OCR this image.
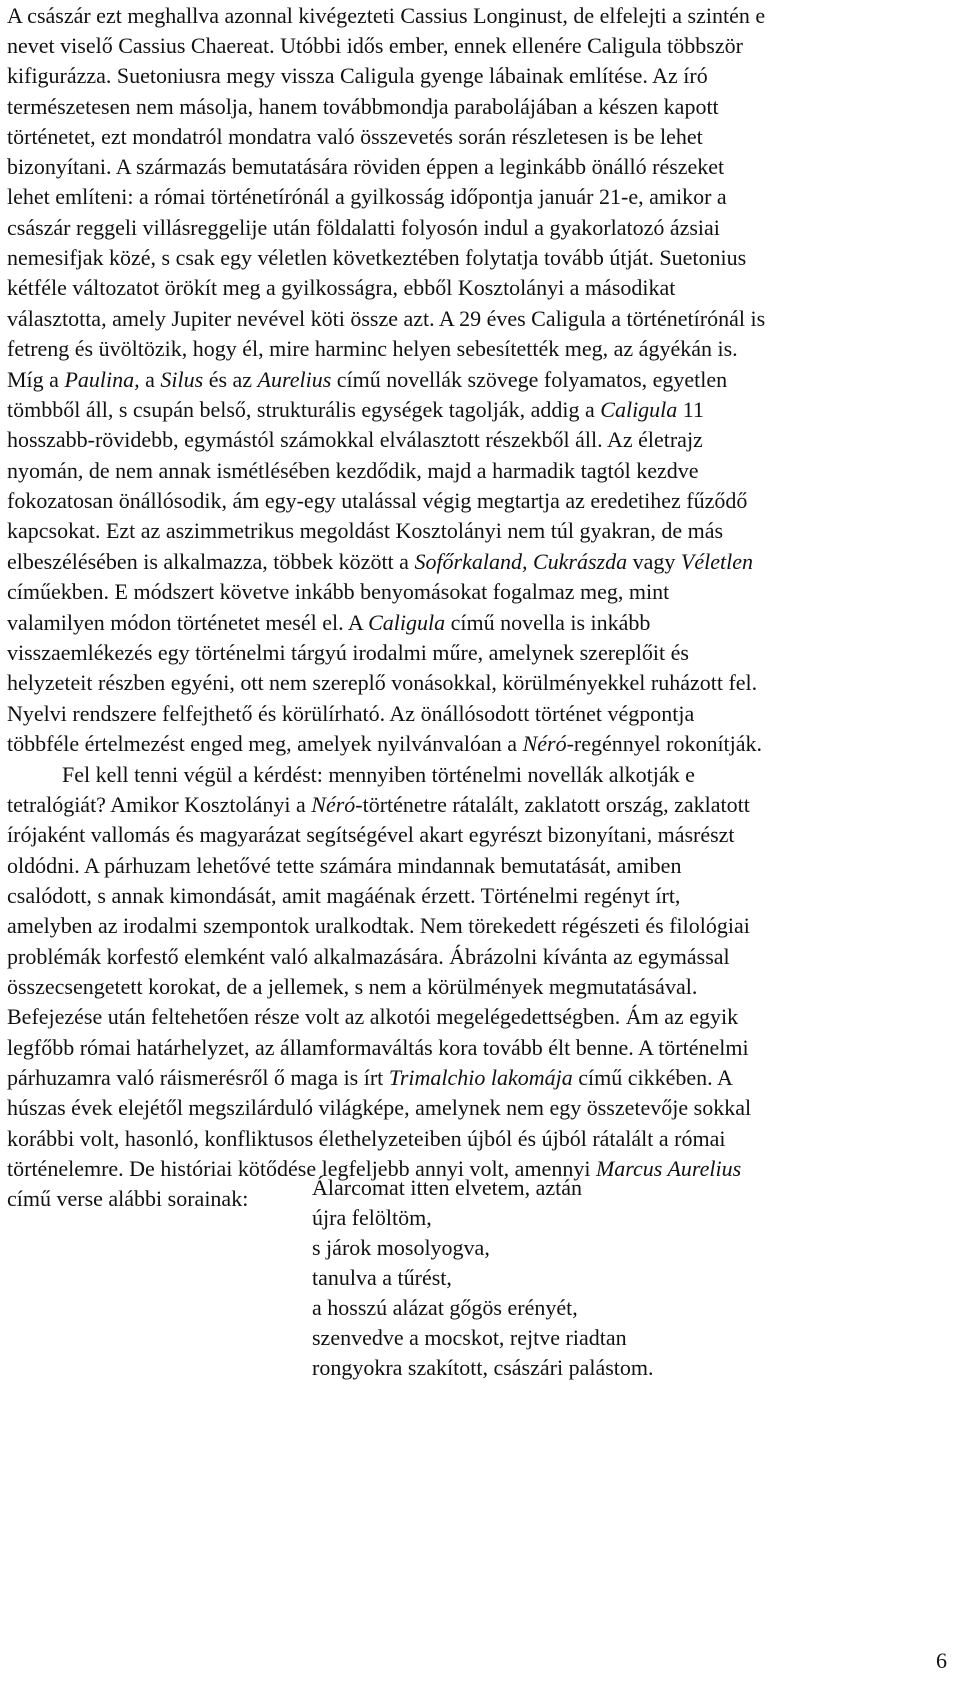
A császár ezt meghallva azonnal kivégezteti Cassius Longinust, de elfelejti a szintén e
nevet viselő Cassius Chaereat. Utóbbi idős ember, ennek ellenére Caligula többször
kifigurázza. Suetoniusra megy vissza Caligula gyenge lábainak említése. Az író
természetesen nem másolja, hanem továbbmondja parabolájában a készen kapott
történetet, ezt mondatról mondatra való összevetés során részletesen is be lehet
bizonyítani. A származás bemutatására röviden éppen a leginkább önálló részeket
lehet említeni: a római történetírónál a gyilkosság időpontja január 21-e, amikor a
császár reggeli villásreggelije után földalatti folyosón indul a gyakorlatozó ázsiai
nemesifjak közé, s csak egy véletlen következtében folytatja tovább útját. Suetonius
kétféle változatot örökít meg a gyilkosságra, ebből Kosztolányi a másodikat
választotta, amely Jupiter nevével köti össze azt. A 29 éves Caligula a történetírónál is
fetreng és üvöltözik, hogy él, mire harminc helyen sebesítették meg, az ágyékán is.
Míg a Paulina, a Silus és az Aurelius című novellák szövege folyamatos, egyetlen
tömbből áll, s csupán belső, strukturális egységek tagolják, addig a Caligula 11
hosszabb-rövidebb, egymástól számokkal elválasztott részekből áll. Az életrajz
nyomán, de nem annak ismétlésében kezdődik, majd a harmadik tagtól kezdve
fokozatosan önállósodik, ám egy-egy utalással végig megtartja az eredetihez fűződő
kapcsokat. Ezt az aszimmetrikus megoldást Kosztolányi nem túl gyakran, de más
elbeszélésében is alkalmazza, többek között a Sofőrkaland, Cukrászda vagy Véletlen
címűekben. E módszert követve inkább benyomásokat fogalmaz meg, mint
valamilyen módon történetet mesél el. A Caligula című novella is inkább
visszaemlékezés egy történelmi tárgyú irodalmi műre, amelynek szereplőit és
helyzeteit részben egyéni, ott nem szereplő vonásokkal, körülményekkel ruházott fel.
Nyelvi rendszere felfejthető és körülírható. Az önállósodott történet végpontja
többféle értelmezést enged meg, amelyek nyilvánvalóan a Néró-regénnyel rokonítják.
Fel kell tenni végül a kérdést: mennyiben történelmi novellák alkotják e
tetralógiát? Amikor Kosztolányi a Néró-történetre rátalált, zaklatott ország, zaklatott
írójaként vallomás és magyarázat segítségével akart egyrészt bizonyítani, másrészt
oldódni. A párhuzam lehetővé tette számára mindannak bemutatását, amiben
csalódott, s annak kimondását, amit magáénak érzett. Történelmi regényt írt,
amelyben az irodalmi szempontok uralkodtak. Nem törekedett régészeti és filológiai
problémák korfestő elemként való alkalmazására. Ábrázolni kívánta az egymással
összecsengetett korokat, de a jellemek, s nem a körülmények megmutatásával.
Befejezése után feltehetően része volt az alkotói megelégedettségben. Ám az egyik
legfőbb római határhelyzet, az államformaváltás kora tovább élt benne. A történelmi
párhuzamra való ráismerésről ő maga is írt Trimalchio lakomája című cikkében. A
húszas évek elejétől megszilárduló világképe, amelynek nem egy összetevője sokkal
korábbi volt, hasonló, konfliktusos élethelyzeteiben újból és újból rátalált a római
történelemre. De históriai kötődése legfeljebb annyi volt, amennyi Marcus Aurelius
című verse alábbi sorainak:	Álarcomat itten elvetem, aztán
újra felöltöm,
s járok mosolyogva,
tanulva a tűrést,
a hosszú alázat gőgös erényét,
szenvedve a mocskot, rejtve riadtan
rongyokra szakított, császári palástom.
6
